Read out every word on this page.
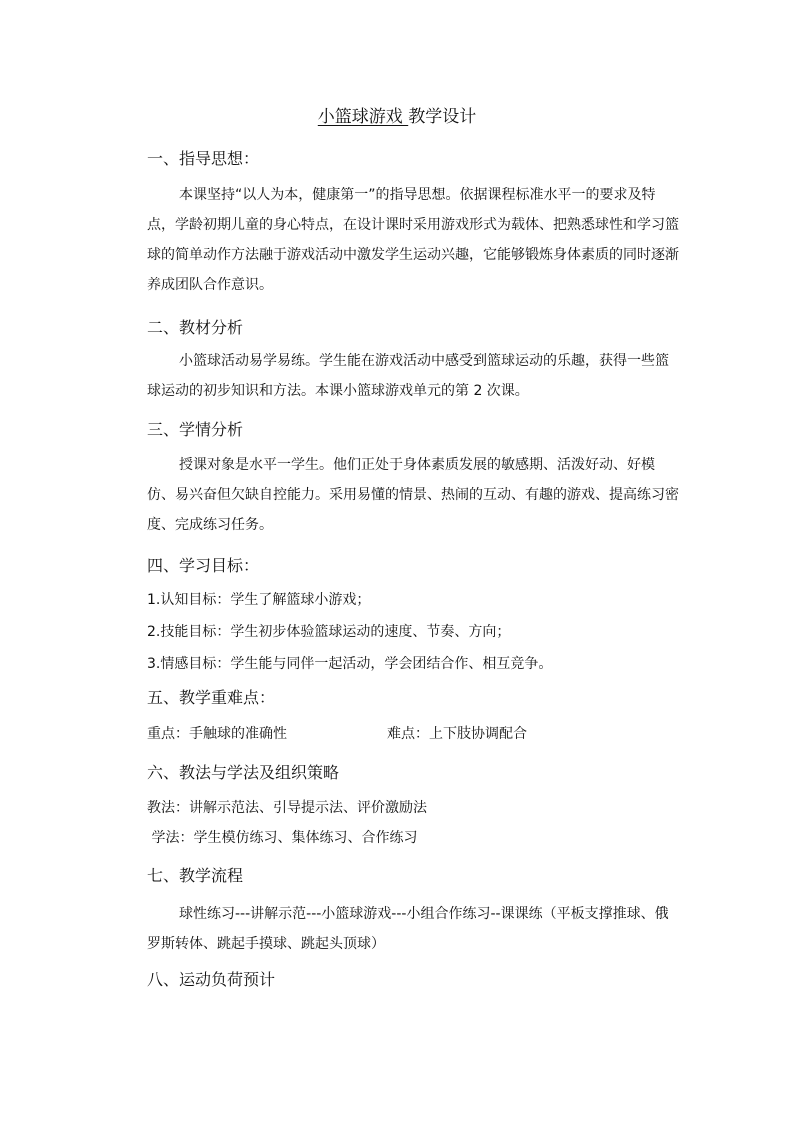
小篮球游戏 教学设计
一、指导思想：

本课坚持“以人为本，健康第一”的指导思想。依据课程标准水平一的要求及特点，学龄初期儿童的身心特点，在设计课时采用游戏形式为载体、把熟悉球性和学习篮球的简单动作方法融于游戏活动中激发学生运动兴趣，它能够锻炼身体素质的同时逐渐养成团队合作意识。

二、教材分析

小篮球活动易学易练。学生能在游戏活动中感受到篮球运动的乐趣，获得一些篮球运动的初步知识和方法。本课小篮球游戏单元的第 2 次课。

三、学情分析

授课对象是水平一学生。他们正处于身体素质发展的敏感期、活泼好动、好模仿、易兴奋但欠缺自控能力。采用易懂的情景、热闹的互动、有趣的游戏、提高练习密度、完成练习任务。

四、学习目标：
1.认知目标：学生了解篮球小游戏；
2.技能目标：学生初步体验篮球运动的速度、节奏、方向；
3.情感目标：学生能与同伴一起活动，学会团结合作、相互竞争。
五、教学重难点：
重点：手触球的准确性	难点：上下肢协调配合
六、教法与学法及组织策略
教法：讲解示范法、引导提示法、评价激励法
学法：学生模仿练习、集体练习、合作练习
七、教学流程

球性练习---讲解示范---小篮球游戏---小组合作练习--课课练（平板支撑推球、俄罗斯转体、跳起手摸球、跳起头顶球）

八、运动负荷预计
